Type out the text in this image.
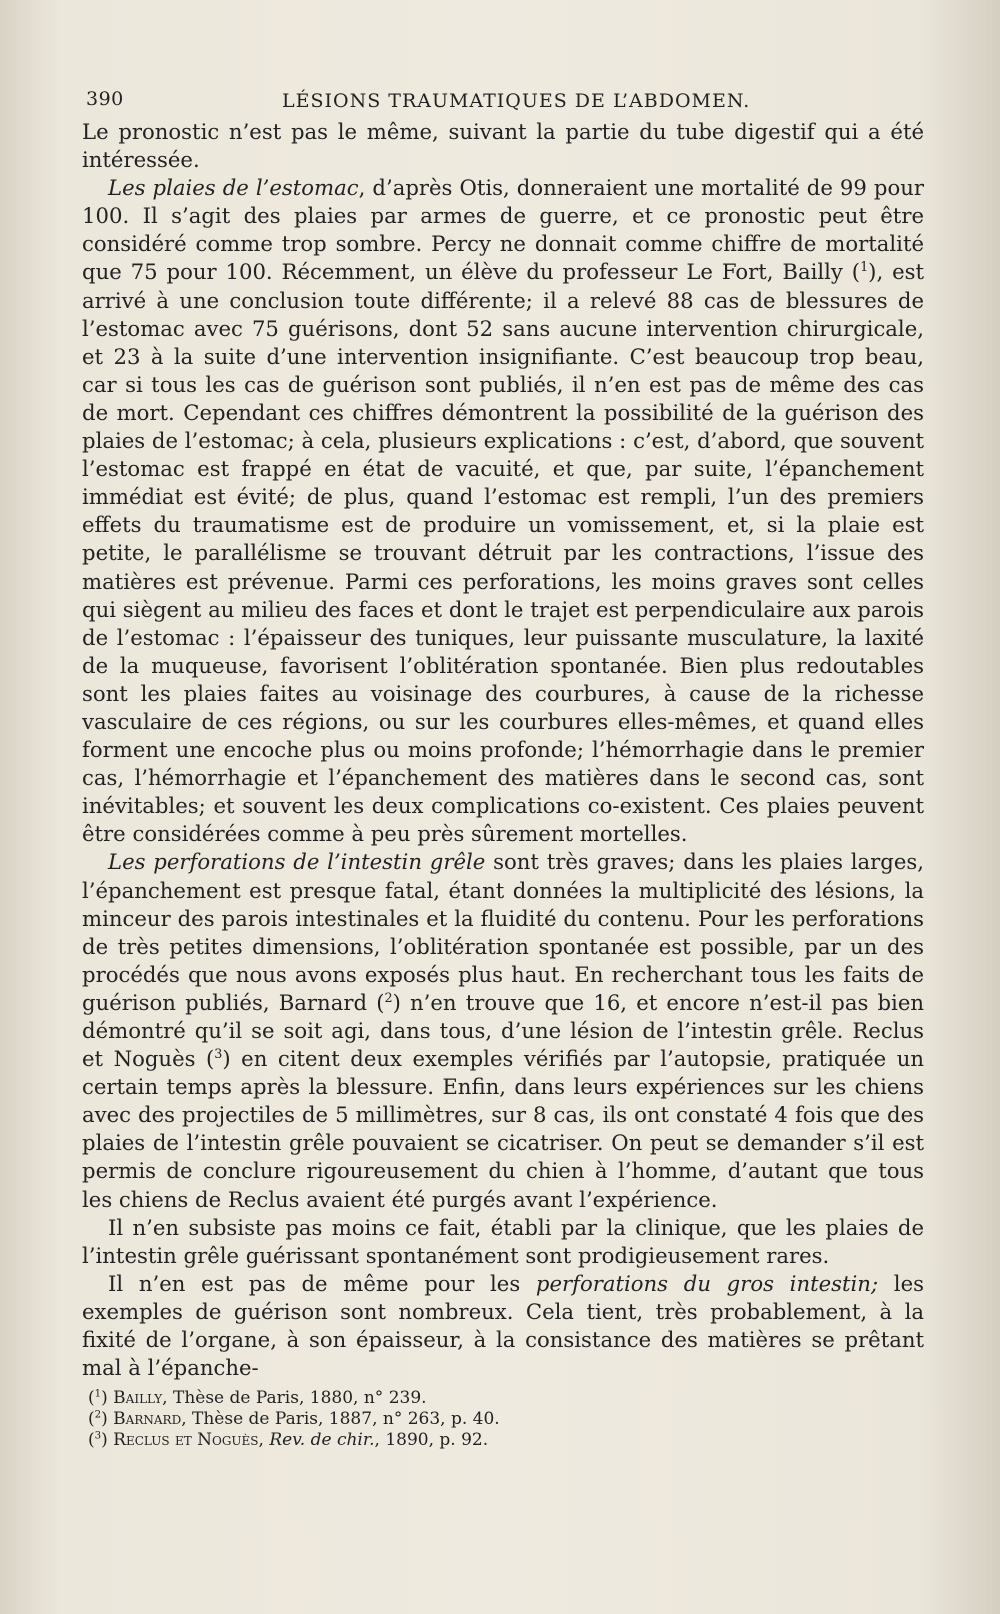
390	LÉSIONS TRAUMATIQUES DE L’ABDOMEN.

Le pronostic n’est pas le même, suivant la partie du tube digestif qui a été intéressée.

Les plaies de l’estomac, d’après Otis, donneraient une mortalité de 99 pour 100. Il s’agit des plaies par armes de guerre, et ce pronostic peut être considéré comme trop sombre. Percy ne donnait comme chiffre de mortalité que 75 pour 100. Récemment, un élève du professeur Le Fort, Bailly ($^1$), est arrivé à une conclusion toute différente; il a relevé 88 cas de blessures de l’estomac avec 75 guérisons, dont 52 sans aucune intervention chirurgicale, et 23 à la suite d’une intervention insignifiante. C’est beaucoup trop beau, car si tous les cas de guérison sont publiés, il n’en est pas de même des cas de mort. Cependant ces chiffres démontrent la possibilité de la guérison des plaies de l’estomac; à cela, plusieurs explications : c’est, d’abord, que souvent l’estomac est frappé en état de vacuité, et que, par suite, l’épanchement immédiat est évité; de plus, quand l’estomac est rempli, l’un des premiers effets du traumatisme est de produire un vomissement, et, si la plaie est petite, le parallélisme se trouvant détruit par les contractions, l’issue des matières est prévenue. Parmi ces perforations, les moins graves sont celles qui siègent au milieu des faces et dont le trajet est perpendiculaire aux parois de l’estomac : l’épaisseur des tuniques, leur puissante musculature, la laxité de la muqueuse, favorisent l’oblitération spontanée. Bien plus redoutables sont les plaies faites au voisinage des courbures, à cause de la richesse vasculaire de ces régions, ou sur les courbures elles-mêmes, et quand elles forment une encoche plus ou moins profonde; l’hémorrhagie dans le premier cas, l’hémorrhagie et l’épanchement des matières dans le second cas, sont inévitables; et souvent les deux complications co-existent. Ces plaies peuvent être considérées comme à peu près sûrement mortelles.

Les perforations de l’intestin grêle sont très graves; dans les plaies larges, l’épanchement est presque fatal, étant données la multiplicité des lésions, la minceur des parois intestinales et la fluidité du contenu. Pour les perforations de très petites dimensions, l’oblitération spontanée est possible, par un des procédés que nous avons exposés plus haut. En recherchant tous les faits de guérison publiés, Barnard ($^2$) n’en trouve que 16, et encore n’est-il pas bien démontré qu’il se soit agi, dans tous, d’une lésion de l’intestin grêle. Reclus et Noguès ($^3$) en citent deux exemples vérifiés par l’autopsie, pratiquée un certain temps après la blessure. Enfin, dans leurs expériences sur les chiens avec des projectiles de 5 millimètres, sur 8 cas, ils ont constaté 4 fois que des plaies de l’intestin grêle pouvaient se cicatriser. On peut se demander s’il est permis de conclure rigoureusement du chien à l’homme, d’autant que tous les chiens de Reclus avaient été purgés avant l’expérience.

Il n’en subsiste pas moins ce fait, établi par la clinique, que les plaies de l’intestin grêle guérissant spontanément sont prodigieusement rares.

Il n’en est pas de même pour les perforations du gros intestin; les exemples de guérison sont nombreux. Cela tient, très probablement, à la fixité de l’organe, à son épaisseur, à la consistance des matières se prêtant mal à l’épanche-

($^1$) Bailly, Thèse de Paris, 1880, n° 239.
($^2$) Barnard, Thèse de Paris, 1887, n° 263, p. 40.
($^3$) Reclus et Noguès, Rev. de chir., 1890, p. 92.
